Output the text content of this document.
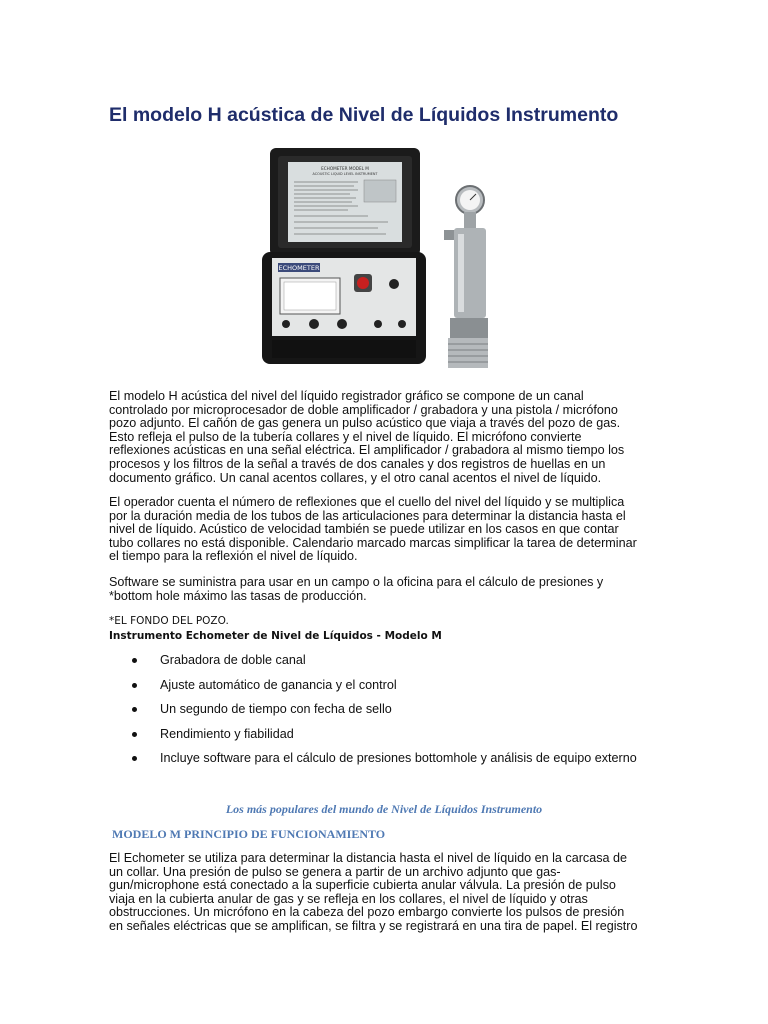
El modelo H acústica de Nivel de Líquidos Instrumento
ECHOMETER MODEL M
ACOUSTIC LIQUID LEVEL INSTRUMENT
ECHOMETER
El modelo H acústica del nivel del líquido registrador gráfico se compone de un canal
controlado por microprocesador de doble amplificador / grabadora y una pistola / micrófono
pozo adjunto. El cañón de gas genera un pulso acústico que viaja a través del pozo de gas.
Esto refleja el pulso de la tubería collares y el nivel de líquido. El micrófono convierte
reflexiones acústicas en una señal eléctrica. El amplificador / grabadora al mismo tiempo los
procesos y los filtros de la señal a través de dos canales y dos registros de huellas en un
documento gráfico. Un canal acentos collares, y el otro canal acentos el nivel de líquido.
El operador cuenta el número de reflexiones que el cuello del nivel del líquido y se multiplica
por la duración media de los tubos de las articulaciones para determinar la distancia hasta el
nivel de líquido. Acústico de velocidad también se puede utilizar en los casos en que contar
tubo collares no está disponible. Calendario marcado marcas simplificar la tarea de determinar
el tiempo para la reflexión el nivel de líquido.
Software se suministra para usar en un campo o la oficina para el cálculo de presiones y
*bottom hole máximo las tasas de producción.
*EL FONDO DEL POZO.
Instrumento Echometer de Nivel de Líquidos - Modelo M
Grabadora de doble canal
Ajuste automático de ganancia y el control
Un segundo de tiempo con fecha de sello
Rendimiento y fiabilidad
Incluye software para el cálculo de presiones bottomhole y análisis de equipo externo
Los más populares del mundo de Nivel de Líquidos Instrumento
MODELO M PRINCIPIO DE FUNCIONAMIENTO
El Echometer se utiliza para determinar la distancia hasta el nivel de líquido en la carcasa de
un collar. Una presión de pulso se genera a partir de un archivo adjunto que gas-
gun/microphone está conectado a la superficie cubierta anular válvula. La presión de pulso
viaja en la cubierta anular de gas y se refleja en los collares, el nivel de líquido y otras
obstrucciones. Un micrófono en la cabeza del pozo embargo convierte los pulsos de presión
en señales eléctricas que se amplifican, se filtra y se registrará en una tira de papel. El registro
